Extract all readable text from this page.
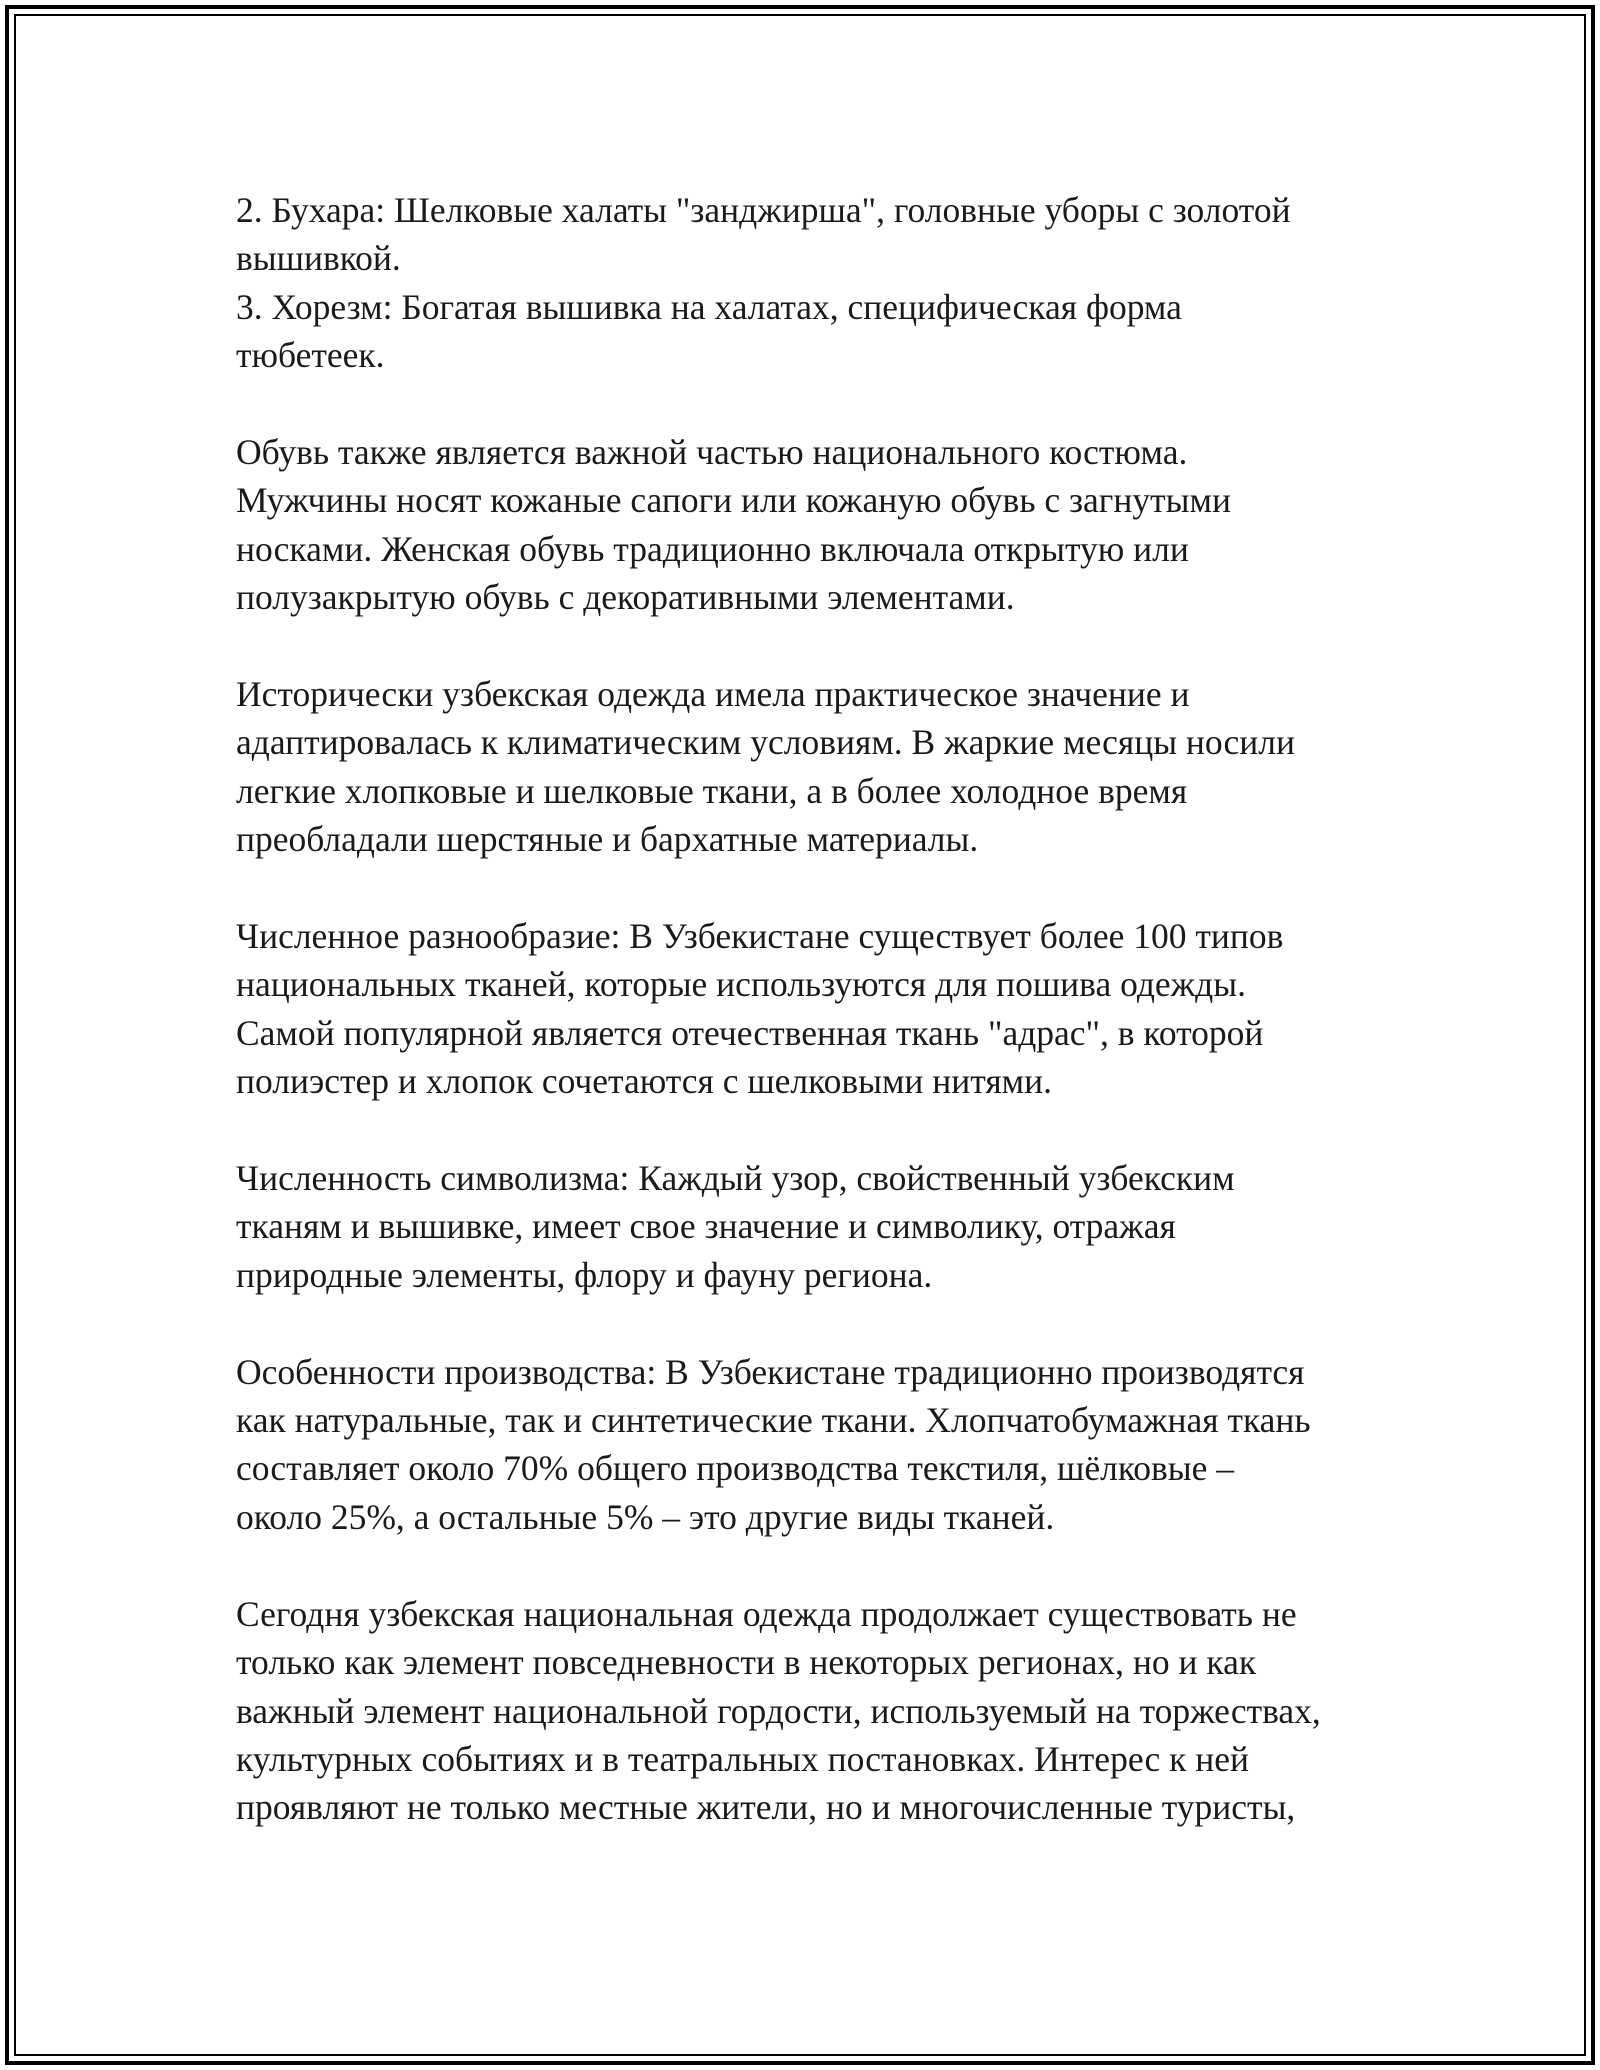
2. Бухара: Шелковые халаты "занджирша", головные уборы с золотой
вышивкой.
3. Хорезм: Богатая вышивка на халатах, специфическая форма
тюбетеек.

Обувь также является важной частью национального костюма.
Мужчины носят кожаные сапоги или кожаную обувь с загнутыми
носками. Женская обувь традиционно включала открытую или
полузакрытую обувь с декоративными элементами.

Исторически узбекская одежда имела практическое значение и
адаптировалась к климатическим условиям. В жаркие месяцы носили
легкие хлопковые и шелковые ткани, а в более холодное время
преобладали шерстяные и бархатные материалы.

Численное разнообразие: В Узбекистане существует более 100 типов
национальных тканей, которые используются для пошива одежды.
Самой популярной является отечественная ткань "адрас", в которой
полиэстер и хлопок сочетаются с шелковыми нитями.

Численность символизма: Каждый узор, свойственный узбекским
тканям и вышивке, имеет свое значение и символику, отражая
природные элементы, флору и фауну региона.

Особенности производства: В Узбекистане традиционно производятся
как натуральные, так и синтетические ткани. Хлопчатобумажная ткань
составляет около 70% общего производства текстиля, шёлковые –
около 25%, а остальные 5% – это другие виды тканей.

Сегодня узбекская национальная одежда продолжает существовать не
только как элемент повседневности в некоторых регионах, но и как
важный элемент национальной гордости, используемый на торжествах,
культурных событиях и в театральных постановках. Интерес к ней
проявляют не только местные жители, но и многочисленные туристы,
